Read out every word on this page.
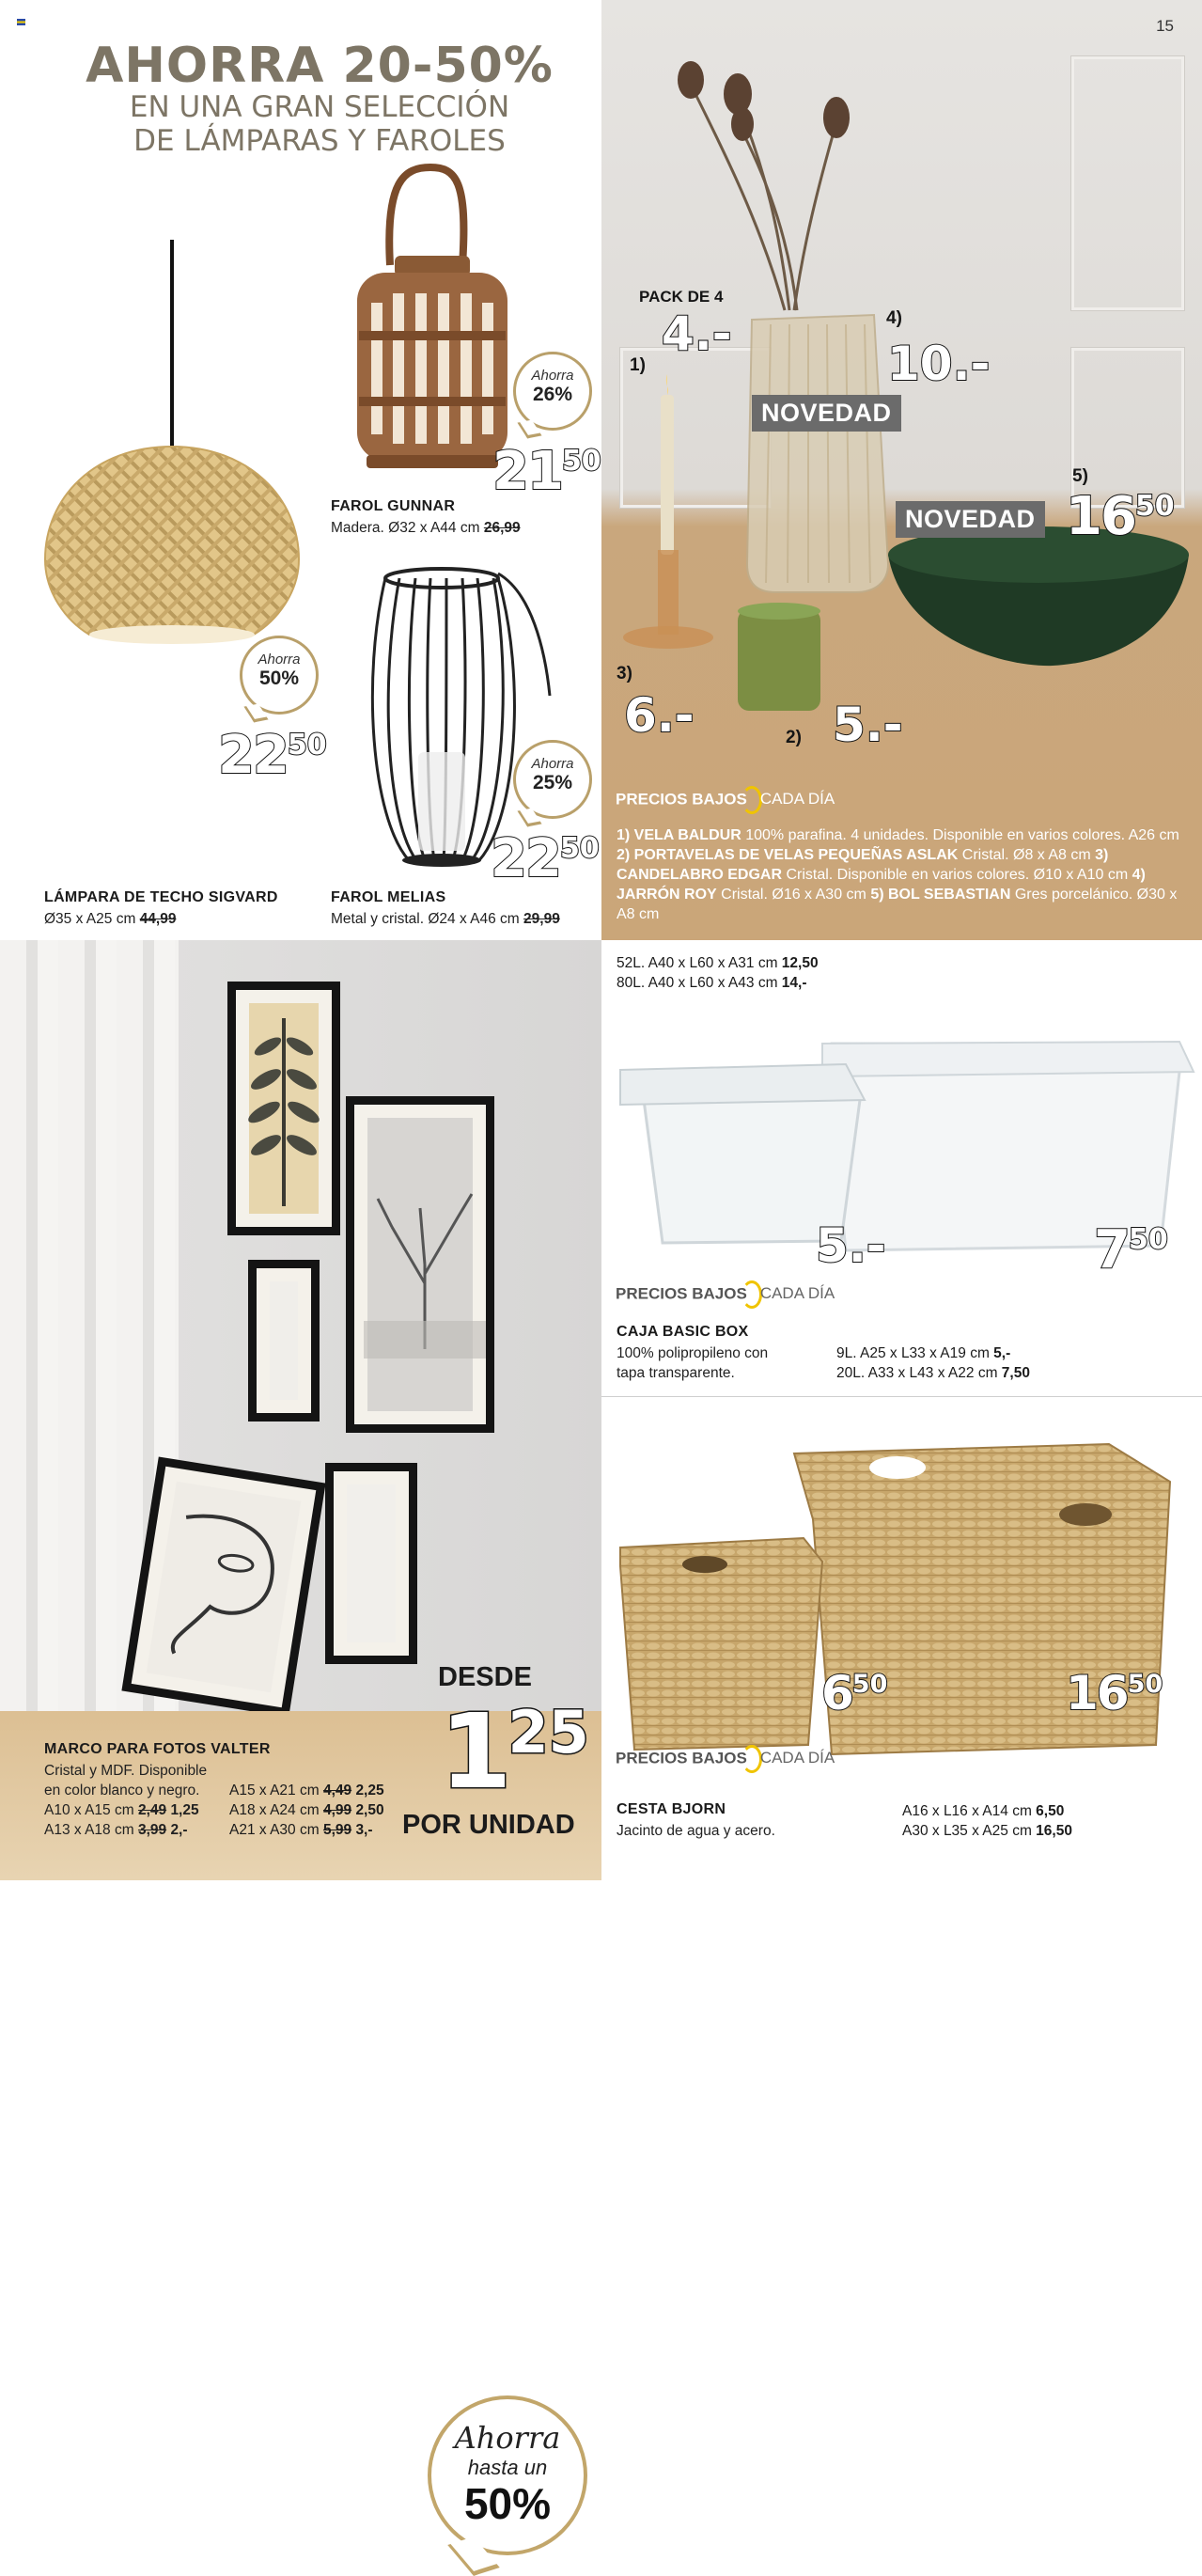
AHORRA 20-50%
EN UNA GRAN SELECCIÓN
DE LÁMPARAS Y FAROLES
Ahorra
50%
2250
LÁMPARA DE TECHO SIGVARD
Ø35 x A25 cm 44,99
Ahorra
26%
2150
FAROL GUNNAR
Madera. Ø32 x A44 cm 26,99
Ahorra
25%
2250
FAROL MELIAS
Metal y cristal. Ø24 x A46 cm 29,99
15
PACK DE 4
4.-
1)
4)
10.-
NOVEDAD
NOVEDAD
5)
1650
3)
6.-	5.-
2)
PRECIOS BAJOS CADA DÍA
1) VELA BALDUR 100% parafina. 4 unidades. Disponible en varios colores. A26 cm 2) PORTAVELAS DE VELAS PEQUEÑAS ASLAK Cristal. Ø8 x A8 cm 3) CANDELABRO EDGAR Cristal. Disponible en varios colores. Ø10 x A10 cm 4) JARRÓN ROY Cristal. Ø16 x A30 cm 5) BOL SEBASTIAN Gres porcelánico. Ø30 x A8 cm
Ahorra
hasta un
50%
DESDE
125
POR UNIDAD
MARCO PARA FOTOS VALTER
Cristal y MDF. Disponible
en color blanco y negro.
A10 x A15 cm 2,49 1,25
A13 x A18 cm 3,99 2,-
A15 x A21 cm 4,49 2,25
A18 x A24 cm 4,99 2,50
A21 x A30 cm 5,99 3,-
52L. A40 x L60 x A31 cm 12,50
80L. A40 x L60 x A43 cm 14,-
5.-	750
PRECIOS BAJOS CADA DÍA
CAJA BASIC BOX
100% polipropileno con
tapa transparente.
9L. A25 x L33 x A19 cm 5,-
20L. A33 x L43 x A22 cm 7,50
650	1650
PRECIOS BAJOS CADA DÍA
CESTA BJORN
Jacinto de agua y acero.
A16 x L16 x A14 cm 6,50
A30 x L35 x A25 cm 16,50
